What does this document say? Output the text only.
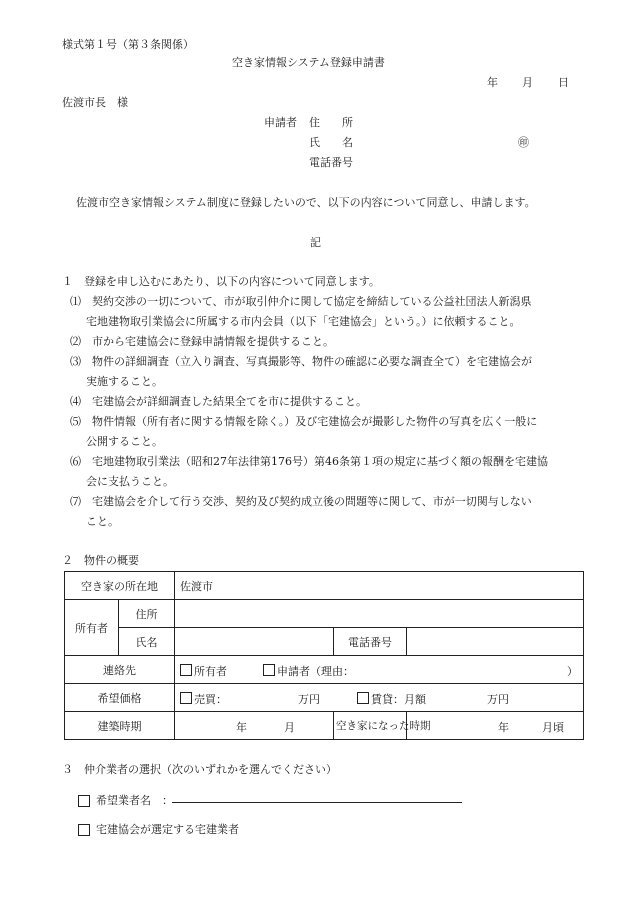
様式第１号（第３条関係）
空き家情報システム登録申請書
年 月 日
佐渡市長　様
申請者 住　　所
氏　　名	㊞
電話番号
佐渡市空き家情報システム制度に登録したいので、以下の内容について同意し、申請します。
記
１　登録を申し込むにあたり、以下の内容について同意します。
⑴　契約交渉の一切について、市が取引仲介に関して協定を締結している公益社団法人新潟県
宅地建物取引業協会に所属する市内会員（以下「宅建協会」という。）に依頼すること。
⑵　市から宅建協会に登録申請情報を提供すること。
⑶　物件の詳細調査（立入り調査、写真撮影等、物件の確認に必要な調査全て）を宅建協会が
実施すること。
⑷　宅建協会が詳細調査した結果全てを市に提供すること。
⑸　物件情報（所有者に関する情報を除く。）及び宅建協会が撮影した物件の写真を広く一般に
公開すること。
⑹　宅地建物取引業法（昭和27年法律第176号）第46条第１項の規定に基づく額の報酬を宅建協
会に支払うこと。
⑺　宅建協会を介して行う交渉、契約及び契約成立後の問題等に関して、市が一切関与しない
こと。
２　物件の概要
空き家の所在地		佐渡市		
所有者	住所			
	氏名		電話番号	
連絡先		所有者 申請者（理由： ）		

希望価格		売買： 万円 賃貸：月額 万円		

建築時期		年 月	空き家になった時期	年 月頃
３　仲介業者の選択（次のいずれかを選んでください）
希望業者名　：
宅建協会が選定する宅建業者
